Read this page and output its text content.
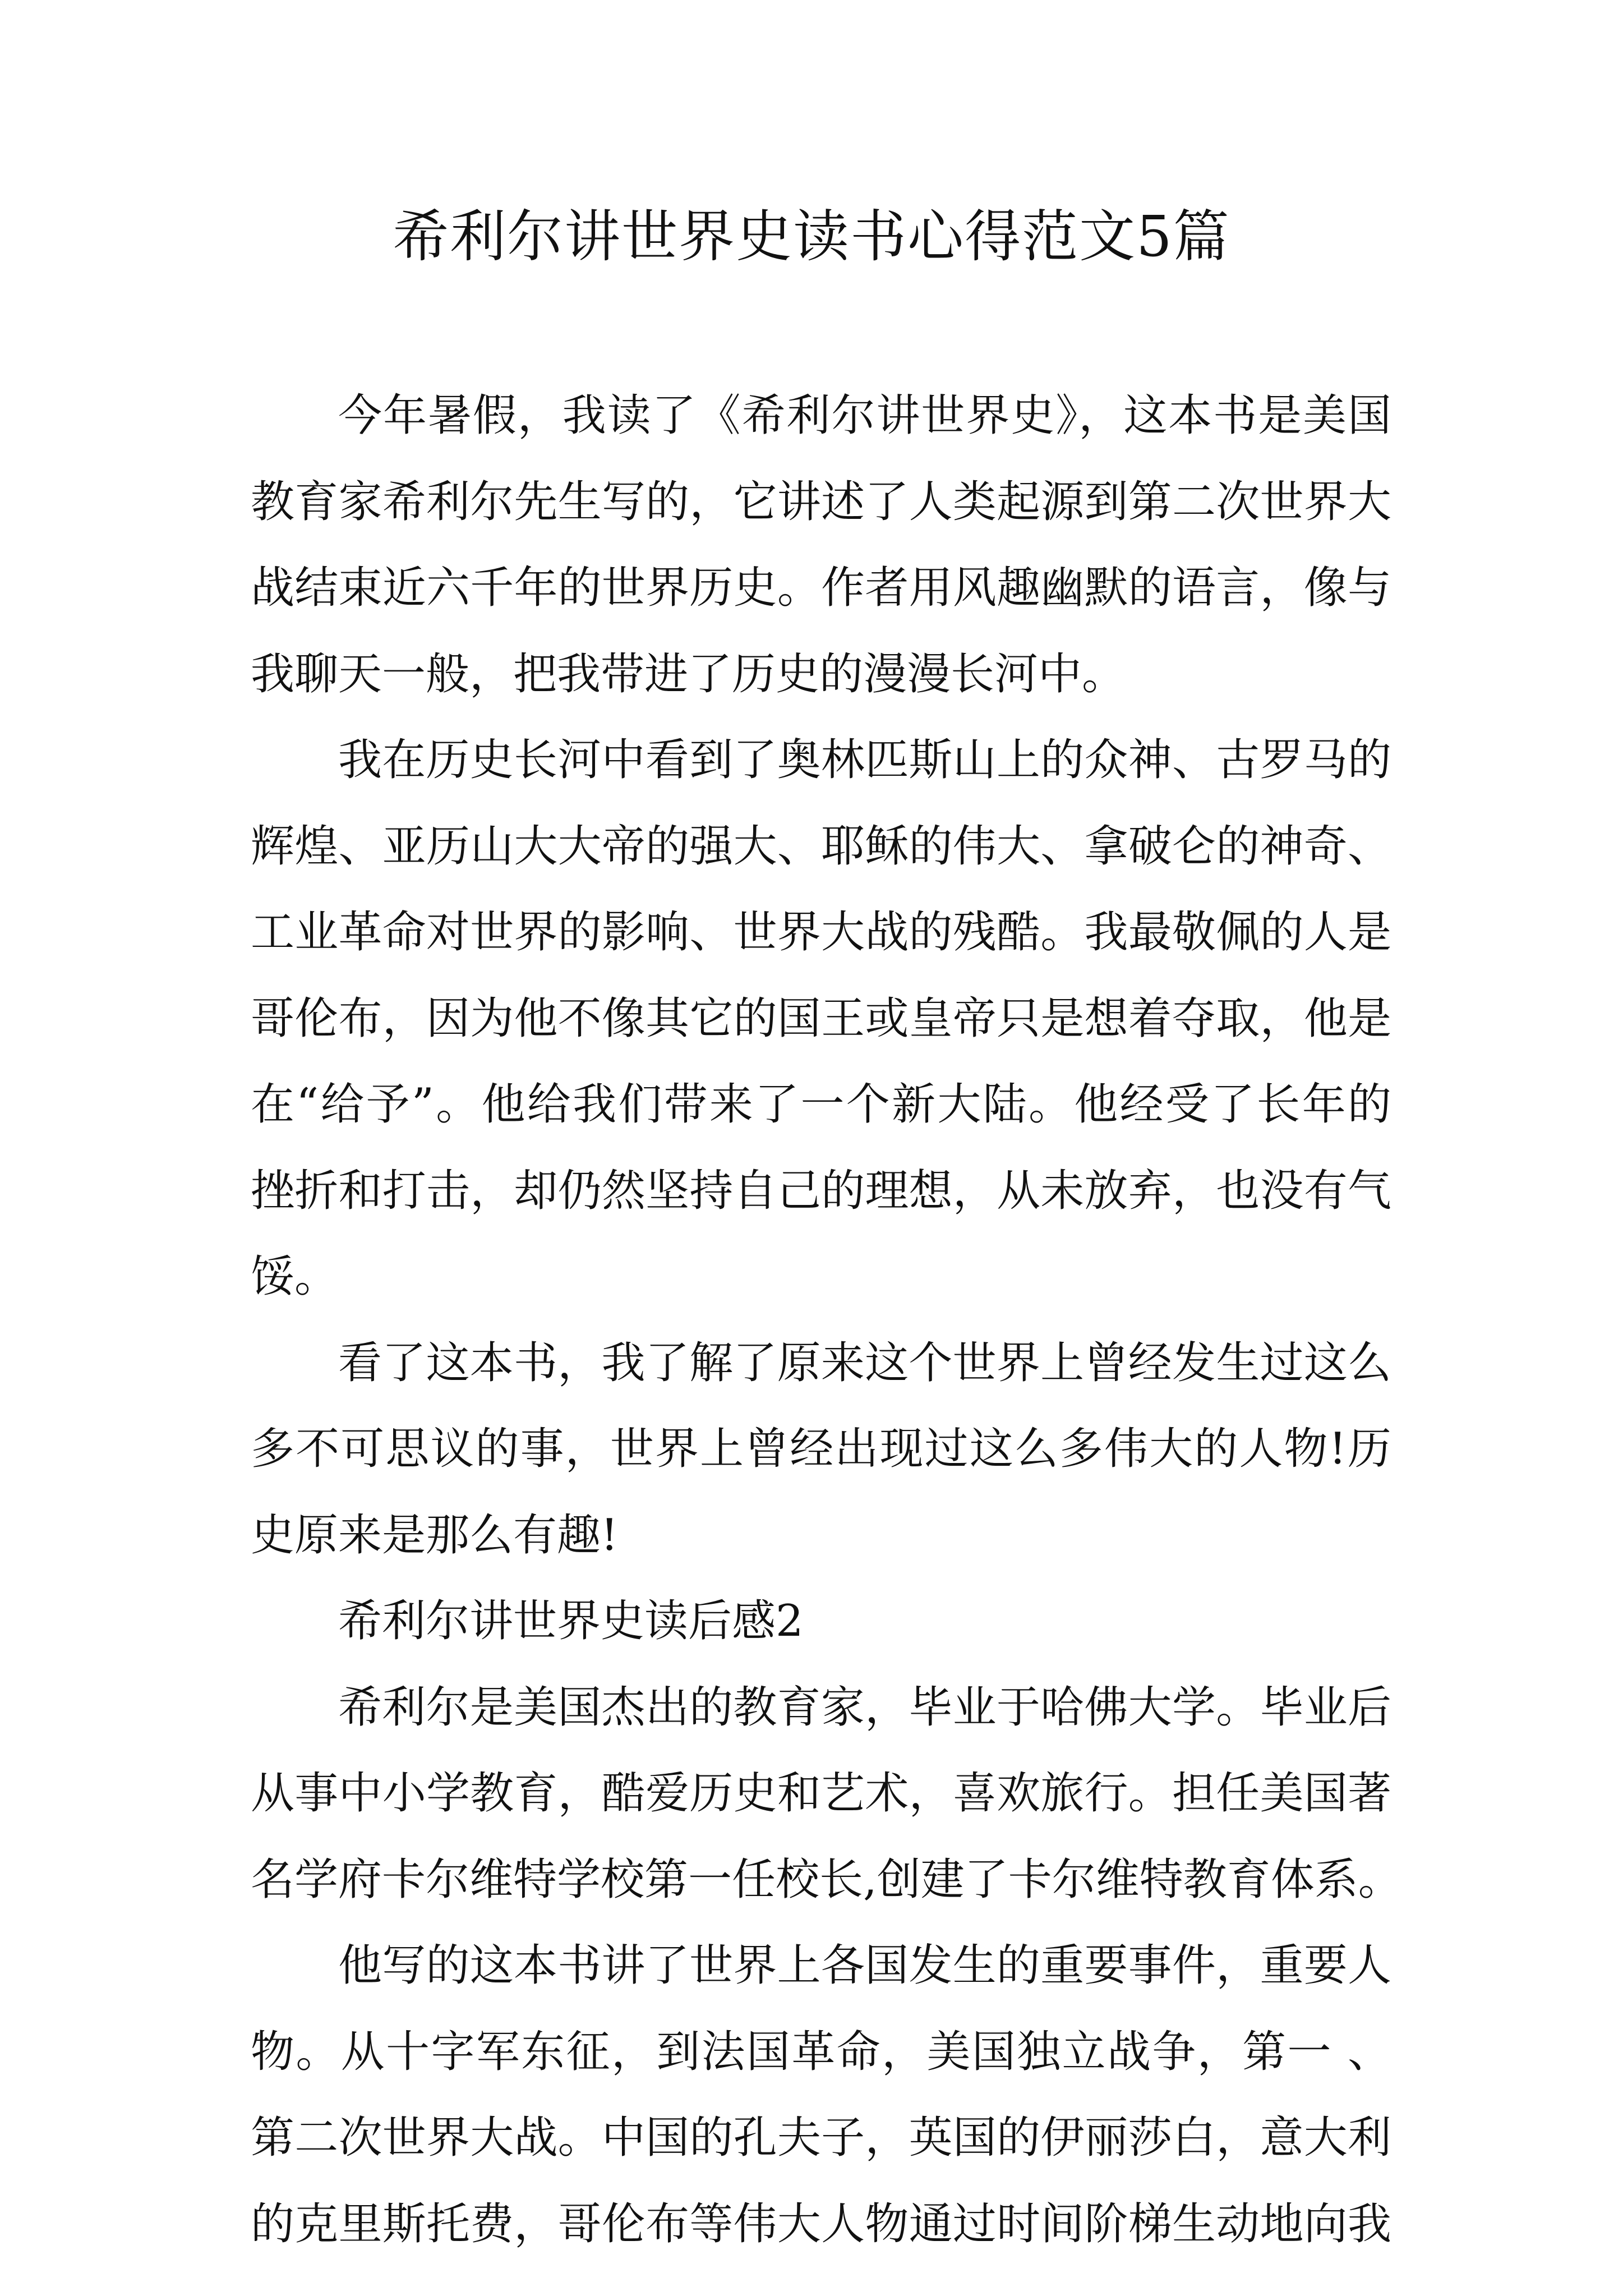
希利尔讲世界史读书心得范文5篇
今年暑假，我读了《希利尔讲世界史》，这本书是美国
教育家希利尔先生写的，它讲述了人类起源到第二次世界大
战结束近六千年的世界历史。作者用风趣幽默的语言，像与
我聊天一般，把我带进了历史的漫漫长河中。
我在历史长河中看到了奥林匹斯山上的众神、古罗马的
辉煌、亚历山大大帝的强大、耶稣的伟大、拿破仑的神奇、
工业革命对世界的影响、世界大战的残酷。我最敬佩的人是
哥伦布，因为他不像其它的国王或皇帝只是想着夺取，他是
在“给予”。他给我们带来了一个新大陆。他经受了长年的
挫折和打击，却仍然坚持自己的理想，从未放弃，也没有气
馁。
看了这本书，我了解了原来这个世界上曾经发生过这么
多不可思议的事，世界上曾经出现过这么多伟大的人物!历
史原来是那么有趣!
希利尔讲世界史读后感2
希利尔是美国杰出的教育家，毕业于哈佛大学。毕业后
从事中小学教育，酷爱历史和艺术，喜欢旅行。担任美国著
名学府卡尔维特学校第一任校长,创建了卡尔维特教育体系。
他写的这本书讲了世界上各国发生的重要事件，重要人
物。从十字军东征，到法国革命，美国独立战争，第一 、
第二次世界大战。中国的孔夫子，英国的伊丽莎白，意大利
的克里斯托费，哥伦布等伟大人物通过时间阶梯生动地向我
